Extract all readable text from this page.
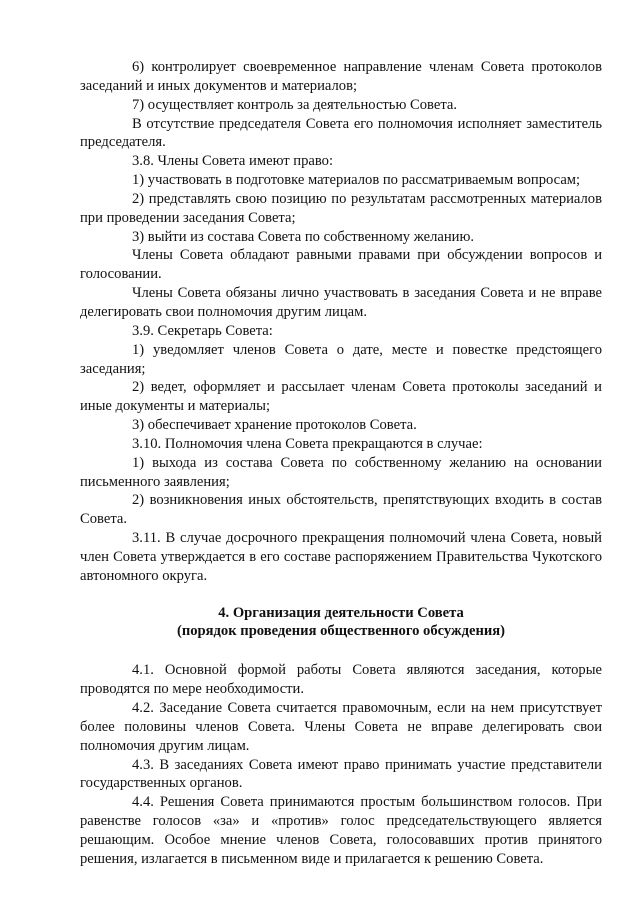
6) контролирует своевременное направление членам Совета протоколов заседаний и иных документов и материалов;

7) осуществляет контроль за деятельностью Совета.

В отсутствие председателя Совета его полномочия исполняет заместитель председателя.

3.8. Члены Совета имеют право:

1) участвовать в подготовке материалов по рассматриваемым вопросам;

2) представлять свою позицию по результатам рассмотренных материалов при проведении заседания Совета;

3) выйти из состава Совета по собственному желанию.

Члены Совета обладают равными правами при обсуждении вопросов и голосовании.

Члены Совета обязаны лично участвовать в заседания Совета и не вправе делегировать свои полномочия другим лицам.

3.9. Секретарь Совета:

1) уведомляет членов Совета о дате, месте и повестке предстоящего заседания;

2) ведет, оформляет и рассылает членам Совета протоколы заседаний и иные документы и материалы;

3) обеспечивает хранение протоколов Совета.

3.10. Полномочия члена Совета прекращаются в случае:

1) выхода из состава Совета по собственному желанию на основании письменного заявления;

2) возникновения иных обстоятельств, препятствующих входить в состав Совета.

3.11. В случае досрочного прекращения полномочий члена Совета, новый член Совета утверждается в его составе распоряжением Правительства Чукотского автономного округа.

4. Организация деятельности Совета

(порядок проведения общественного обсуждения)

4.1. Основной формой работы Совета являются заседания, которые проводятся по мере необходимости.

4.2. Заседание Совета считается правомочным, если на нем присутствует более половины членов Совета. Члены Совета не вправе делегировать свои полномочия другим лицам.

4.3. В заседаниях Совета имеют право принимать участие представители государственных органов.

4.4. Решения Совета принимаются простым большинством голосов. При равенстве голосов «за» и «против» голос председательствующего является решающим. Особое мнение членов Совета, голосовавших против принятого решения, излагается в письменном виде и прилагается к решению Совета.
